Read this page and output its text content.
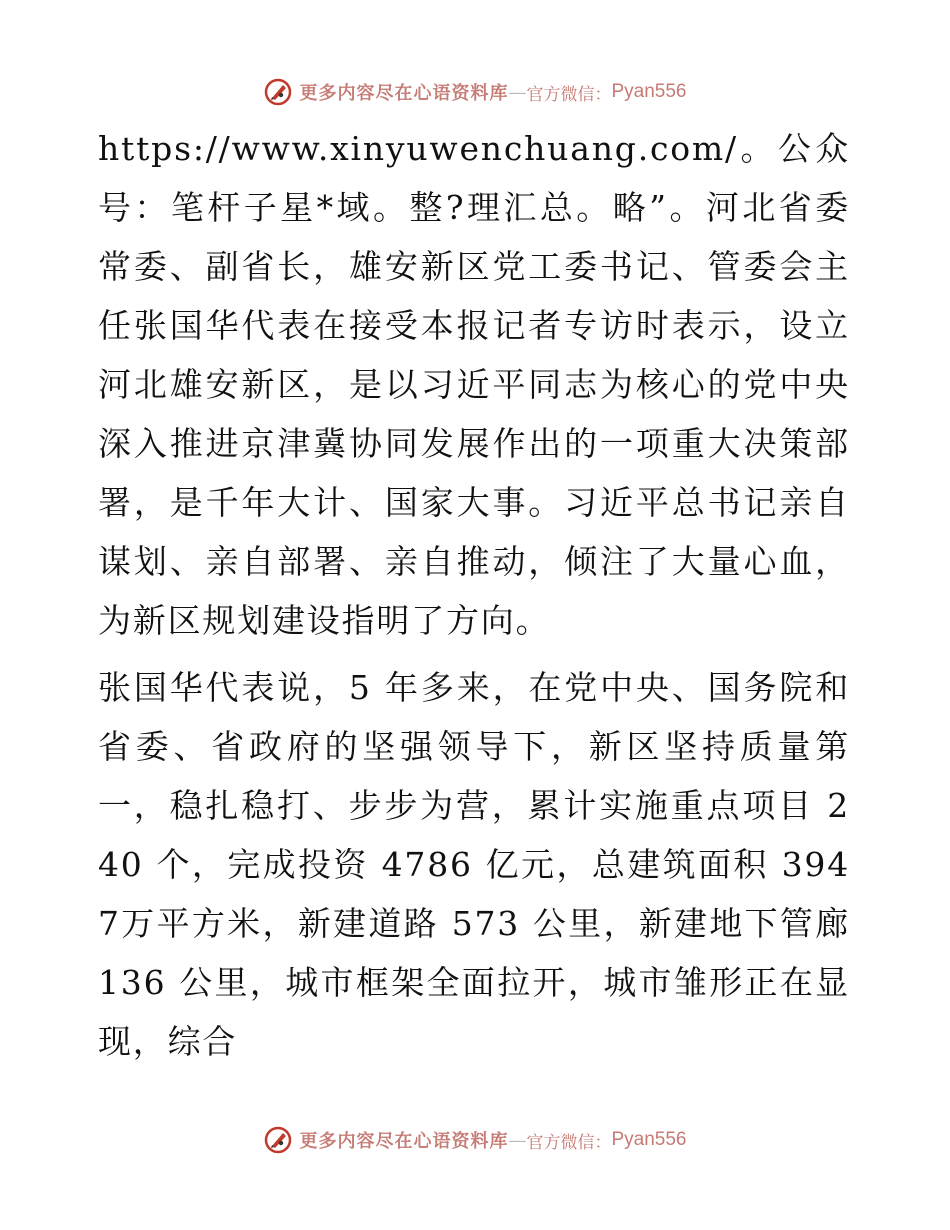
更多内容尽在心语资料库 — 官方微信： Pyan556

https://www.xinyuwenchuang.com/。公众号：笔杆子星*域。整?理汇总。略”。河北省委常委、副省长，雄安新区党工委书记、管委会主任张国华代表在接受本报记者专访时表示，设立河北雄安新区，是以习近平同志为核心的党中央深入推进京津冀协同发展作出的一项重大决策部署，是千年大计、国家大事。习近平总书记亲自谋划、亲自部署、亲自推动，倾注了大量心血，为新区规划建设指明了方向。

张国华代表说，5 年多来，在党中央、国务院和省委、省政府的坚强领导下，新区坚持质量第一，稳扎稳打、步步为营，累计实施重点项目 240 个，完成投资 4786 亿元，总建筑面积 3947万平方米，新建道路 573 公里，新建地下管廊 136 公里，城市框架全面拉开，城市雏形正在显现，综合

更多内容尽在心语资料库 — 官方微信： Pyan556
